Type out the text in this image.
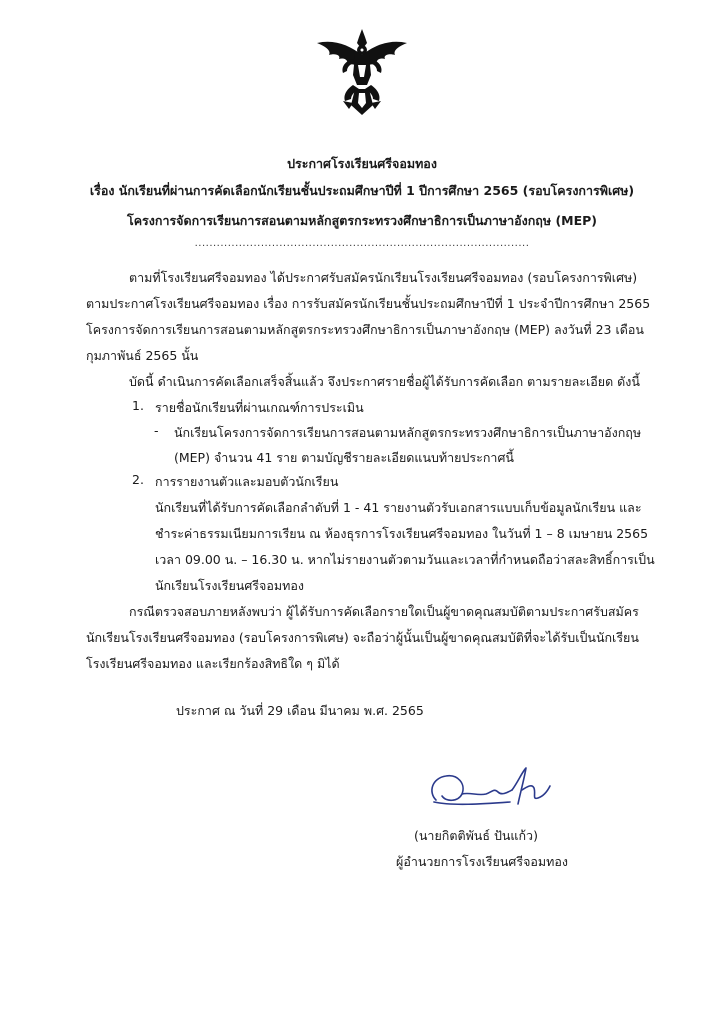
ประกาศโรงเรียนศรีจอมทอง
เรื่อง นักเรียนที่ผ่านการคัดเลือกนักเรียนชั้นประถมศึกษาปีที่ 1 ปีการศึกษา 2565 (รอบโครงการพิเศษ)
โครงการจัดการเรียนการสอนตามหลักสูตรกระทรวงศึกษาธิการเป็นภาษาอังกฤษ (MEP)
...........................................................................................
ตามที่โรงเรียนศรีจอมทอง ได้ประกาศรับสมัครนักเรียนโรงเรียนศรีจอมทอง (รอบโครงการพิเศษ)
ตามประกาศโรงเรียนศรีจอมทอง เรื่อง การรับสมัครนักเรียนชั้นประถมศึกษาปีที่ 1 ประจำปีการศึกษา 2565
โครงการจัดการเรียนการสอนตามหลักสูตรกระทรวงศึกษาธิการเป็นภาษาอังกฤษ (MEP) ลงวันที่ 23 เดือน
กุมภาพันธ์ 2565 นั้น
บัดนี้ ดำเนินการคัดเลือกเสร็จสิ้นแล้ว จึงประกาศรายชื่อผู้ได้รับการคัดเลือก ตามรายละเอียด ดังนี้
1. รายชื่อนักเรียนที่ผ่านเกณฑ์การประเมิน
- นักเรียนโครงการจัดการเรียนการสอนตามหลักสูตรกระทรวงศึกษาธิการเป็นภาษาอังกฤษ
(MEP) จำนวน 41 ราย ตามบัญชีรายละเอียดแนบท้ายประกาศนี้
2. การรายงานตัวและมอบตัวนักเรียน
นักเรียนที่ได้รับการคัดเลือกลำดับที่ 1 - 41 รายงานตัวรับเอกสารแบบเก็บข้อมูลนักเรียน และ
ชำระค่าธรรมเนียมการเรียน ณ ห้องธุรการโรงเรียนศรีจอมทอง ในวันที่ 1 – 8 เมษายน 2565
เวลา 09.00 น. – 16.30 น. หากไม่รายงานตัวตามวันและเวลาที่กำหนดถือว่าสละสิทธิ์การเป็น
นักเรียนโรงเรียนศรีจอมทอง
กรณีตรวจสอบภายหลังพบว่า ผู้ได้รับการคัดเลือกรายใดเป็นผู้ขาดคุณสมบัติตามประกาศรับสมัคร
นักเรียนโรงเรียนศรีจอมทอง (รอบโครงการพิเศษ) จะถือว่าผู้นั้นเป็นผู้ขาดคุณสมบัติที่จะได้รับเป็นนักเรียน
โรงเรียนศรีจอมทอง และเรียกร้องสิทธิใด ๆ มิได้
ประกาศ ณ วันที่ 29 เดือน มีนาคม พ.ศ. 2565
(นายกิตติพันธ์ ปันแก้ว)
ผู้อำนวยการโรงเรียนศรีจอมทอง
